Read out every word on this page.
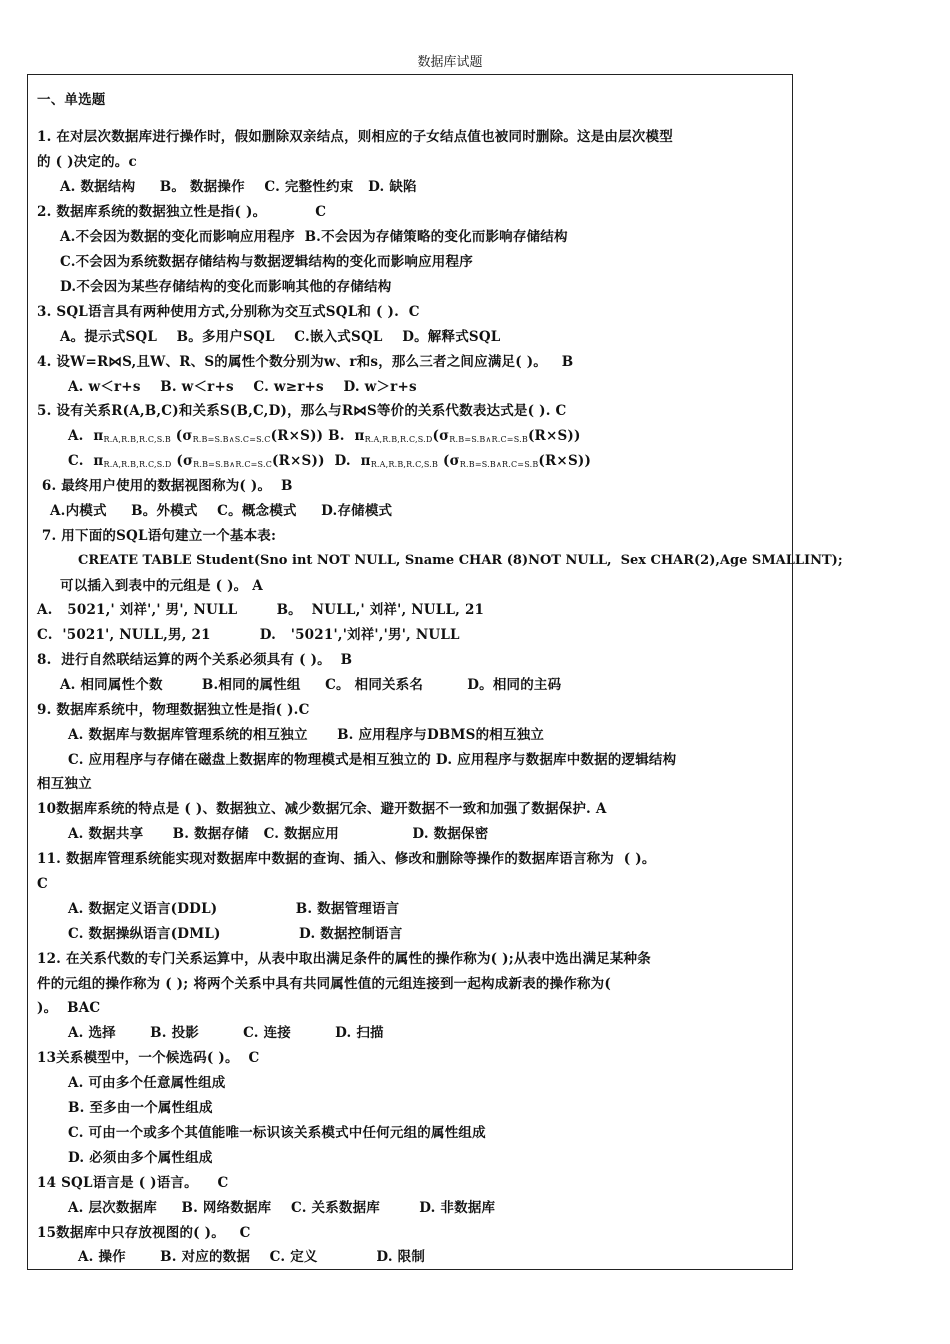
数据库试题
一、单选题
1. 在对层次数据库进行操作时，假如删除双亲结点，则相应的子女结点值也被同时删除。这是由层次模型
的 ( )决定的。c
A. 数据结构     B。 数据操作    C. 完整性约束   D. 缺陷
2. 数据库系统的数据独立性是指( )。          C
A.不会因为数据的变化而影响应用程序  B.不会因为存储策略的变化而影响存储结构
C.不会因为系统数据存储结构与数据逻辑结构的变化而影响应用程序
D.不会因为某些存储结构的变化而影响其他的存储结构
3. SQL语言具有两种使用方式,分别称为交互式SQL和 ( ).  C
A。提示式SQL    B。多用户SQL    C.嵌入式SQL    D。解释式SQL
4. 设W=R⋈S,且W、R、S的属性个数分别为w、r和s，那么三者之间应满足( )。   B
A. w＜r+s    B. w＜r+s    C. w≥r+s    D. w＞r+s
5. 设有关系R(A,B,C)和关系S(B,C,D)，那么与R⋈S等价的关系代数表达式是( ). C
A.  $\pi_{R.A,R.B,R.C,S.B}$ $(\sigma_{R.B=S.B\wedge S.C=S.C}(R\times S))$ B.  $\pi_{R.A,R.B,R.C,S.D}(\sigma_{R.B=S.B\wedge R.C=S.B}(R\times S))$
C.  $\pi_{R.A,R.B,R.C,S.D}$ $(\sigma_{R.B=S.B\wedge R.C=S.C}(R\times S))$  D.  $\pi_{R.A,R.B,R.C,S.B}$ $(\sigma_{R.B=S.B\wedge R.C=S.B}(R\times S))$
6. 最终用户使用的数据视图称为( )。  B
A.内模式     B。外模式    C。概念模式     D.存储模式
7. 用下面的SQL语句建立一个基本表:
CREATE TABLE Student(Sno int NOT NULL, Sname CHAR (8)NOT NULL,  Sex CHAR(2),Age SMALLINT);
可以插入到表中的元组是 ( )。 A
A.   5021,' 刘祥',' 男', NULL        B。  NULL,' 刘祥', NULL, 21
C.  '5021', NULL,男, 21          D.   '5021','刘祥','男', NULL
8.  进行自然联结运算的两个关系必须具有 ( )。  B
A. 相同属性个数        B.相同的属性组     C。 相同关系名         D。相同的主码
9. 数据库系统中，物理数据独立性是指( ).C
A. 数据库与数据库管理系统的相互独立      B. 应用程序与DBMS的相互独立
C. 应用程序与存储在磁盘上数据库的物理模式是相互独立的 D. 应用程序与数据库中数据的逻辑结构
相互独立
10数据库系统的特点是 ( )、数据独立、减少数据冗余、避开数据不一致和加强了数据保护. A
A. 数据共享      B. 数据存储   C. 数据应用               D. 数据保密
11. 数据库管理系统能实现对数据库中数据的查询、插入、修改和删除等操作的数据库语言称为  ( )。
C
A. 数据定义语言(DDL)                B. 数据管理语言
C. 数据操纵语言(DML)                D. 数据控制语言
12. 在关系代数的专门关系运算中，从表中取出满足条件的属性的操作称为( );从表中选出满足某种条
件的元组的操作称为 ( ); 将两个关系中具有共同属性值的元组连接到一起构成新表的操作称为(
)。  BAC
A. 选择       B. 投影         C. 连接         D. 扫描
13关系模型中，一个候选码( )。  C
A. 可由多个任意属性组成
B. 至多由一个属性组成
C. 可由一个或多个其值能唯一标识该关系模式中任何元组的属性组成
D. 必须由多个属性组成
14 SQL语言是 ( )语言。    C
A. 层次数据库     B. 网络数据库    C. 关系数据库        D. 非数据库
15数据库中只存放视图的( )。   C
A. 操作       B. 对应的数据    C. 定义            D. 限制
